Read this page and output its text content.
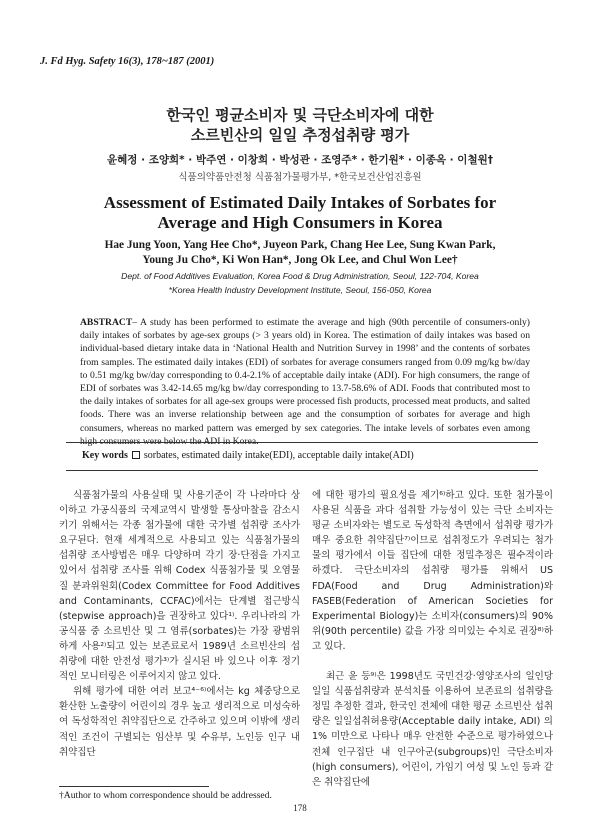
J. Fd Hyg. Safety 16(3), 178~187 (2001)
한국인 평균소비자 및 극단소비자에 대한
소르빈산의 일일 추정섭취량 평가
윤혜정 · 조양희* · 박주연 · 이창희 · 박성관 · 조영주* · 한기원* · 이종옥 · 이철원†
식품의약품안전청 식품첨가물평가부, *한국보건산업진흥원
Assessment of Estimated Daily Intakes of Sorbates for
Average and High Consumers in Korea
Hae Jung Yoon, Yang Hee Cho*, Juyeon Park, Chang Hee Lee, Sung Kwan Park,
Young Ju Cho*, Ki Won Han*, Jong Ok Lee, and Chul Won Lee†
Dept. of Food Additives Evaluation, Korea Food & Drug Administration, Seoul, 122-704, Korea
*Korea Health Industry Development Institute, Seoul, 156-050, Korea
ABSTRACT– A study has been performed to estimate the average and high (90th percentile of consumers-only) daily intakes of sorbates by age-sex groups (> 3 years old) in Korea. The estimation of daily intakes was based on individual-based dietary intake data in ‘National Health and Nutrition Survey in 1998’ and the contents of sorbates from samples. The estimated daily intakes (EDI) of sorbates for average consumers ranged from 0.09 mg/kg bw/day to 0.51 mg/kg bw/day corresponding to 0.4-2.1% of acceptable daily intake (ADI). For high consumers, the range of EDI of sorbates was 3.42-14.65 mg/kg bw/day corresponding to 13.7-58.6% of ADI. Foods that contributed most to the daily intakes of sorbates for all age-sex groups were processed fish products, processed meat products, and salted foods. There was an inverse relationship between age and the consumption of sorbates for average and high consumers, whereas no marked pattern was emerged by sex categories. The intake levels of sorbates even among high consumers were below the ADI in Korea.
Key words sorbates, estimated daily intake(EDI), acceptable daily intake(ADI)

식품첨가물의 사용실태 및 사용기준이 각 나라마다 상이하고 가공식품의 국제교역시 발생할 통상마찰을 감소시키기 위해서는 각종 첨가물에 대한 국가별 섭취량 조사가 요구된다. 현재 세계적으로 사용되고 있는 식품첨가물의 섭취량 조사방법은 매우 다양하며 각기 장·단점을 가지고 있어서 섭취량 조사를 위해 Codex 식품첨가물 및 오염물질 분과위원회(Codex Committee for Food Additives and Contaminants, CCFAC)에서는 단계별 접근방식(stepwise approach)을 권장하고 있다¹⁾. 우리나라의 가공식품 중 소르빈산 및 그 염류(sorbates)는 가장 광범위하게 사용²⁾되고 있는 보존료로서 1989년 소르빈산의 섭취량에 대한 안전성 평가³⁾가 실시된 바 있으나 이후 정기적인 모니터링은 이루어지지 않고 있다.

위해 평가에 대한 여러 보고⁴⁻⁶⁾에서는 kg 체중당으로 환산한 노출량이 어린이의 경우 높고 생리적으로 미성숙하여 독성학적인 취약집단으로 간주하고 있으며 이밖에 생리적인 조건이 구별되는 임산부 및 수유부, 노인등 인구 내 취약집단

에 대한 평가의 필요성을 제기⁶⁾하고 있다. 또한 첨가물이 사용된 식품을 과다 섭취할 가능성이 있는 극단 소비자는 평균 소비자와는 별도로 독성학적 측면에서 섭취량 평가가 매우 중요한 취약집단⁷⁾이므로 섭취정도가 우려되는 첨가물의 평가에서 이들 집단에 대한 정밀추정은 필수적이라 하겠다. 극단소비자의 섭취량 평가를 위해서 US FDA(Food and Drug Administration)와 FASEB(Federation of American Societies for Experimental Biology)는 소비자(consumers)의 90%위(90th percentile) 값을 가장 의미있는 수치로 권장⁸⁾하고 있다.

최근 윤 등⁹⁾은 1998년도 국민건강·영양조사의 일인당 일일 식품섭취량과 분석치를 이용하여 보존료의 섭취량을 정밀 추정한 결과, 한국인 전체에 대한 평균 소르빈산 섭취량은 일일섭취허용량(Acceptable daily intake, ADI) 의 1% 미만으로 나타나 매우 안전한 수준으로 평가하였으나 전체 인구집단 내 인구아군(subgroups)인 극단소비자(high consumers), 어린이, 가임기 여성 및 노인 등과 같은 취약집단에

†Author to whom correspondence should be addressed.
178
